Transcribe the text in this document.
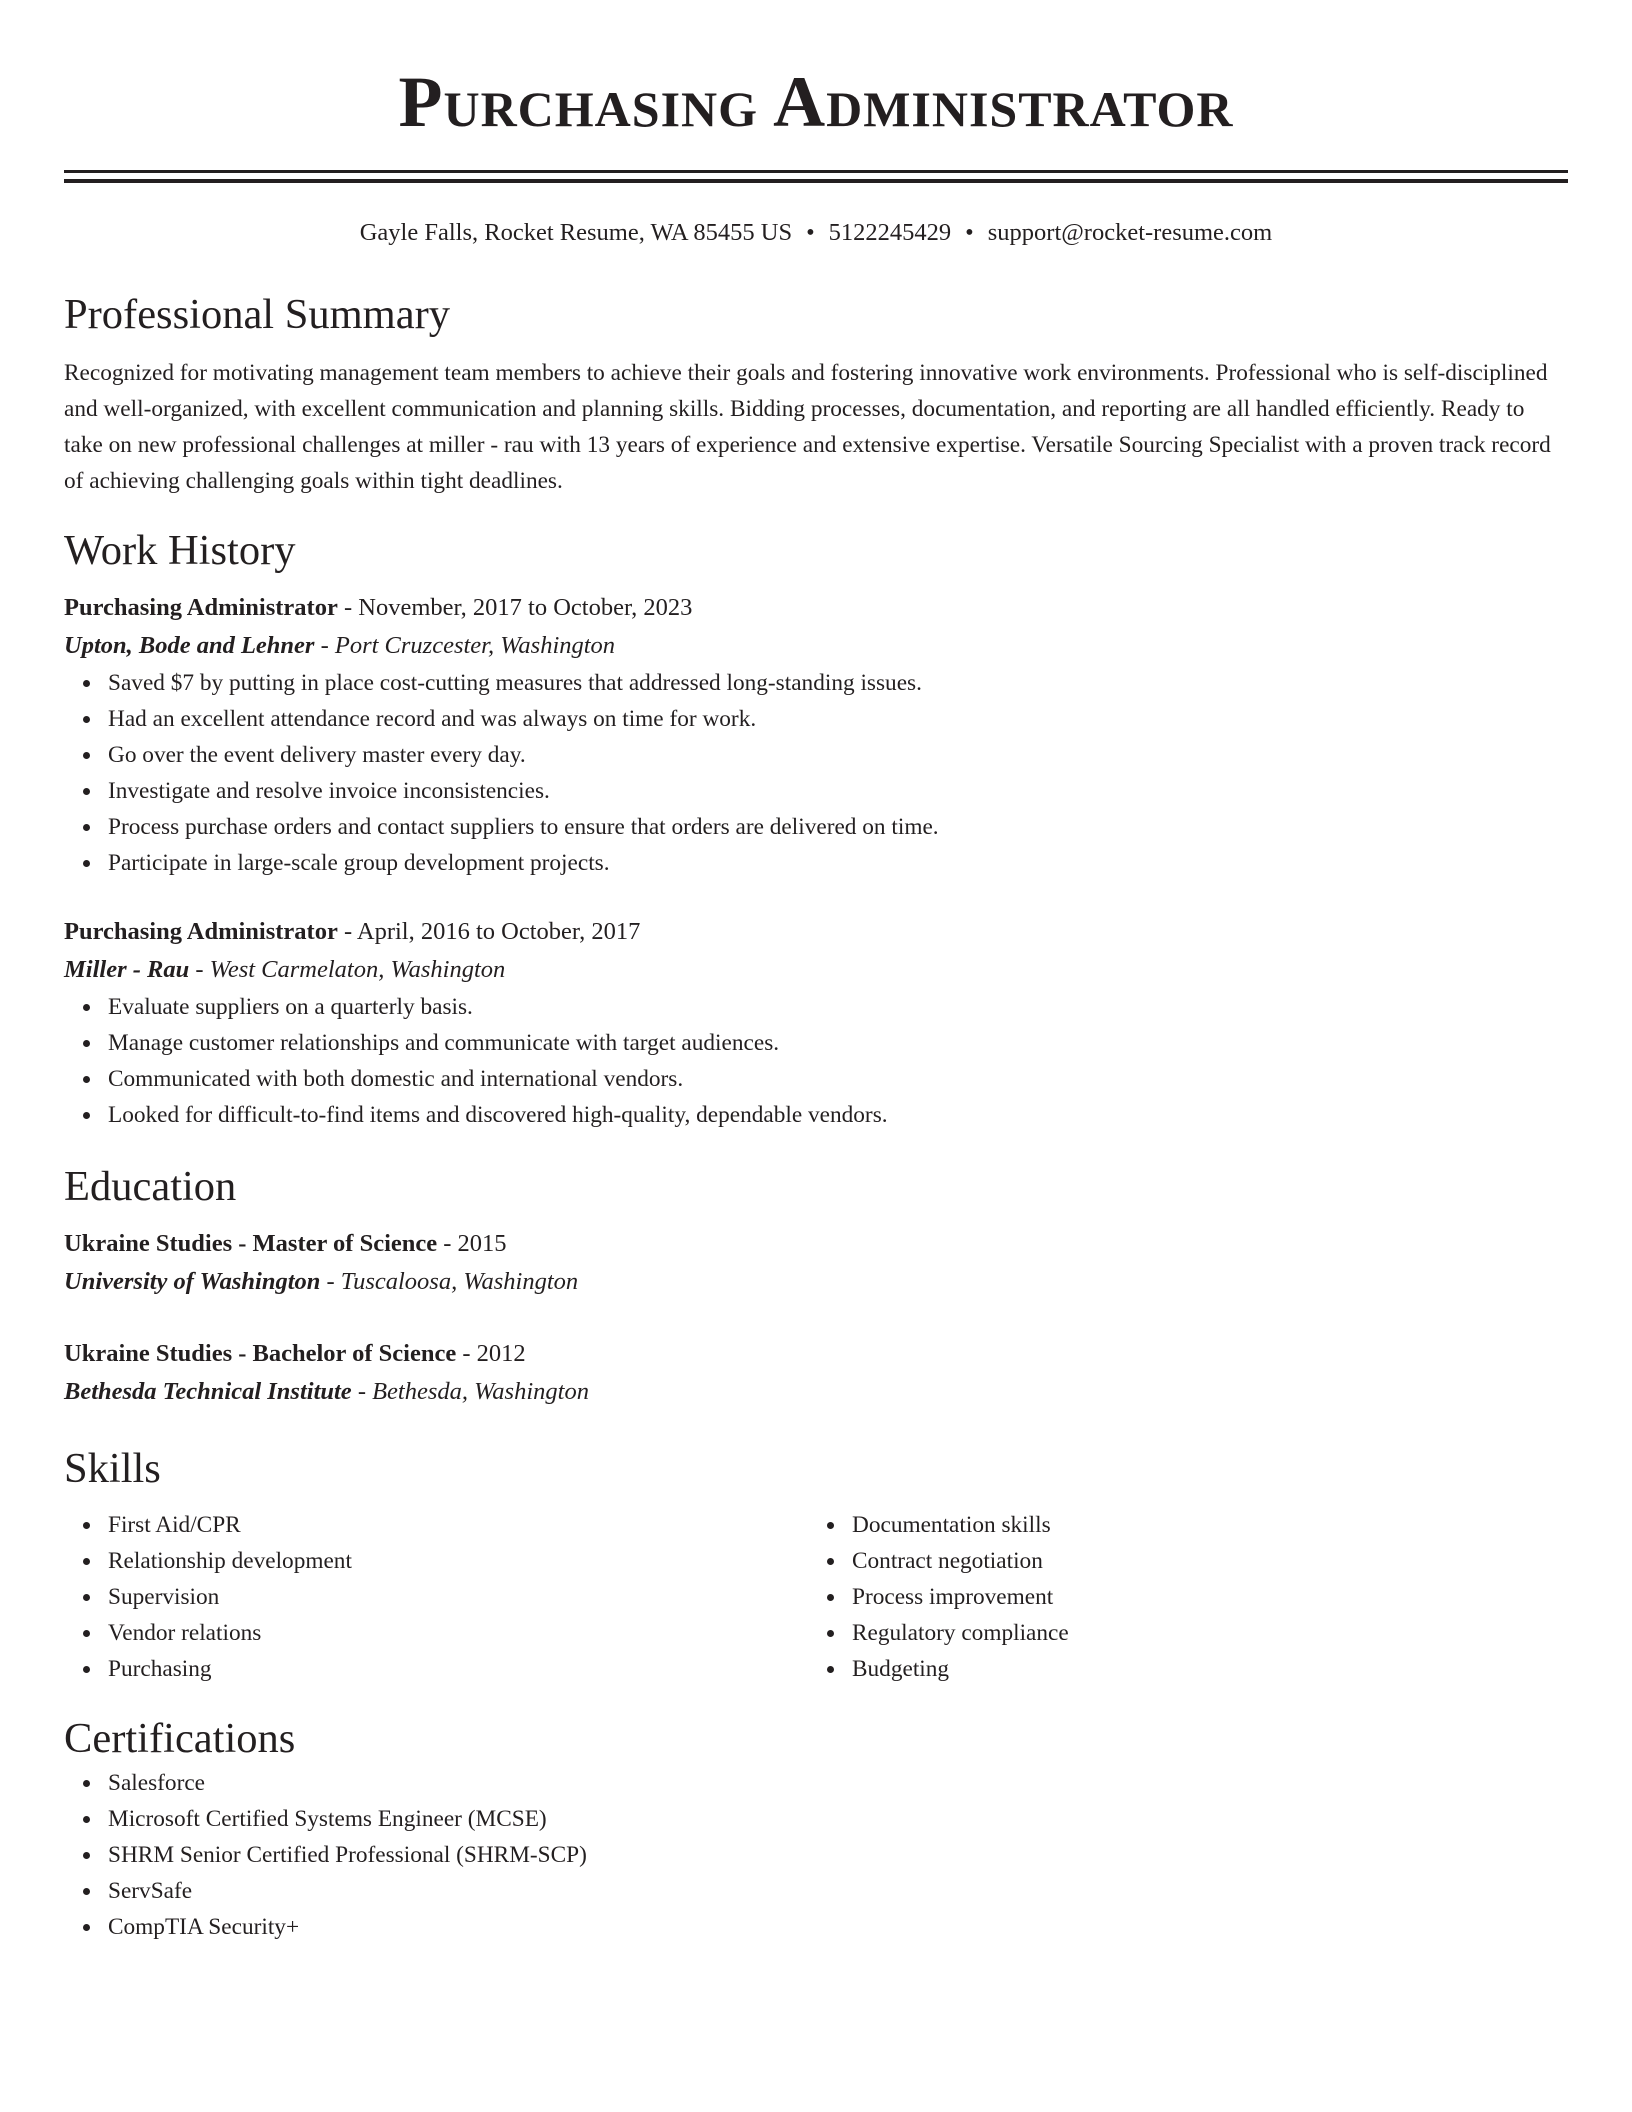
Purchasing Administrator
Gayle Falls, Rocket Resume, WA 85455 US • 5122245429 • support@rocket-resume.com
Professional Summary

Recognized for motivating management team members to achieve their goals and fostering innovative work environments. Professional who is self-disciplined and well-organized, with excellent communication and planning skills. Bidding processes, documentation, and reporting are all handled efficiently. Ready to take on new professional challenges at miller - rau with 13 years of experience and extensive expertise. Versatile Sourcing Specialist with a proven track record of achieving challenging goals within tight deadlines.

Work History
Purchasing Administrator - November, 2017 to October, 2023
Upton, Bode and Lehner - Port Cruzcester, Washington
Saved $7 by putting in place cost-cutting measures that addressed long-standing issues.
Had an excellent attendance record and was always on time for work.
Go over the event delivery master every day.
Investigate and resolve invoice inconsistencies.
Process purchase orders and contact suppliers to ensure that orders are delivered on time.
Participate in large-scale group development projects.
Purchasing Administrator - April, 2016 to October, 2017
Miller - Rau - West Carmelaton, Washington
Evaluate suppliers on a quarterly basis.
Manage customer relationships and communicate with target audiences.
Communicated with both domestic and international vendors.
Looked for difficult-to-find items and discovered high-quality, dependable vendors.
Education
Ukraine Studies - Master of Science - 2015
University of Washington - Tuscaloosa, Washington
Ukraine Studies - Bachelor of Science - 2012
Bethesda Technical Institute - Bethesda, Washington
Skills
First Aid/CPR
Relationship development
Supervision
Vendor relations
Purchasing
Documentation skills
Contract negotiation
Process improvement
Regulatory compliance
Budgeting
Certifications
Salesforce
Microsoft Certified Systems Engineer (MCSE)
SHRM Senior Certified Professional (SHRM-SCP)
ServSafe
CompTIA Security+
